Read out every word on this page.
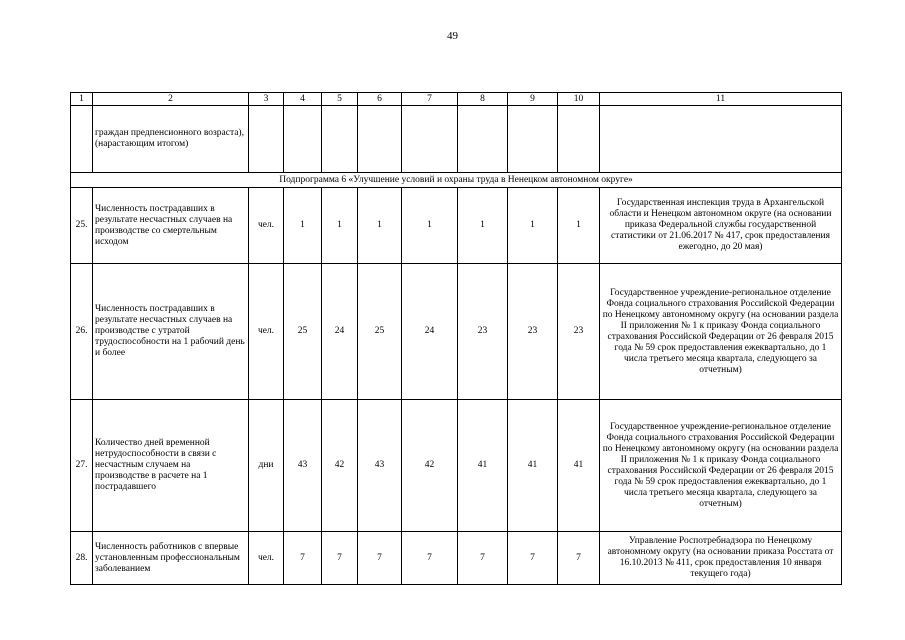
49
1	2	3	4	5	6	7	8	9	10	11
	граждан предпенсионного возраста), (нарастающим итогом)									
Подпрограмма 6 «Улучшение условий и охраны труда в Ненецком автономном округе»										
25.	Численность пострадавших в результате несчастных случаев на производстве со смертельным исходом	чел.	1	1	1	1	1	1	1	Государственная инспекция труда в Архангельской области и Ненецком автономном округе (на основании приказа Федеральной службы государственной статистики от 21.06.2017 № 417, срок предоставления ежегодно, до 20 мая)
26.	Численность пострадавших в результате несчастных случаев на производстве с утратой трудоспособности на 1 рабочий день и более	чел.	25	24	25	24	23	23	23	Государственное учреждение-региональное отделение Фонда социального страхования Российской Федерации по Ненецкому автономному округу (на основании раздела II приложения № 1 к приказу Фонда социального страхования Российской Федерации от 26 февраля 2015 года № 59 срок предоставления ежеквартально, до 1 числа третьего месяца квартала, следующего за отчетным)
27.	Количество дней временной нетрудоспособности в связи с несчастным случаем на производстве в расчете на 1 пострадавшего	дни	43	42	43	42	41	41	41	Государственное учреждение-региональное отделение Фонда социального страхования Российской Федерации по Ненецкому автономному округу (на основании раздела II приложения № 1 к приказу Фонда социального страхования Российской Федерации от 26 февраля 2015 года № 59 срок предоставления ежеквартально, до 1 числа третьего месяца квартала, следующего за отчетным)
28.	Численность работников с впервые установленным профессиональным заболеванием	чел.	7	7	7	7	7	7	7	Управление Роспотребнадзора по Ненецкому автономному округу (на основании приказа Росстата от 16.10.2013 № 411, срок предоставления 10 января текущего года)
